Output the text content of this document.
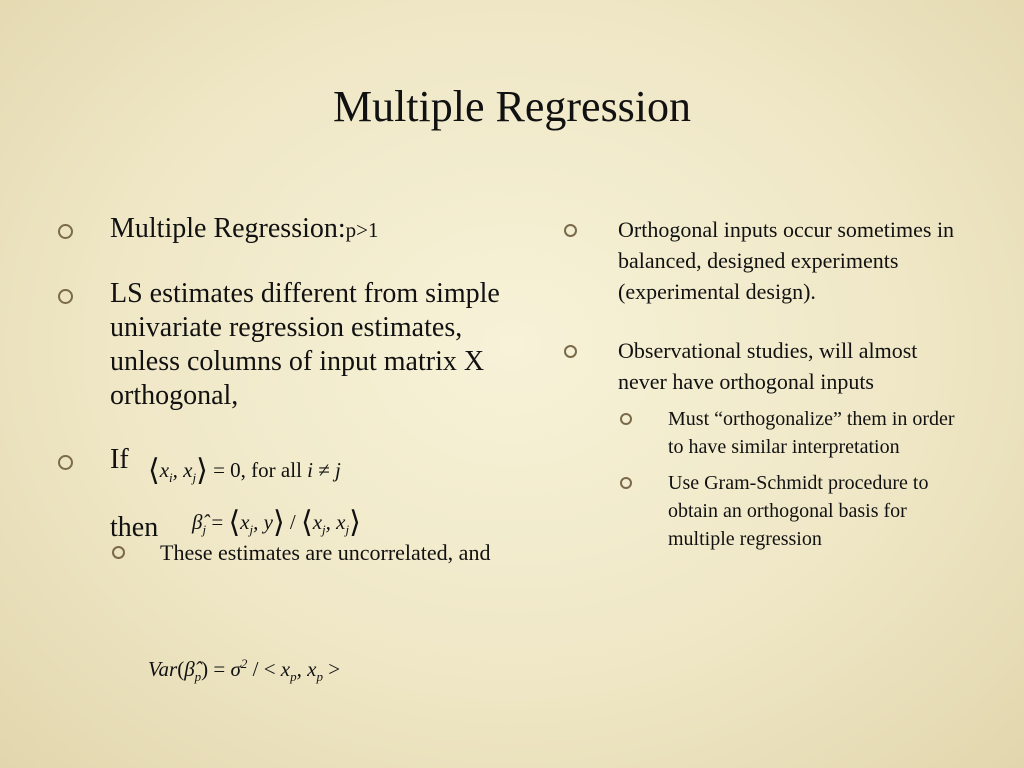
Multiple Regression
Multiple Regression:p>1
LS estimates different from simple univariate regression estimates, unless columns of input matrix X orthogonal,
If
then
These estimates are uncorrelated, and
$⟨x_i$, $x_j⟩ = 0$, for all i ≠ j
$\betâ_j$ = $⟨x_j$, y⟩ / $⟨x_j$, $x_j⟩$
$Var(\betâ_p) = \sigma^2$ / < $x_p$, $x_p$ >
Orthogonal inputs occur sometimes in balanced, designed experiments (experimental design).
Observational studies, will almost never have orthogonal inputs
Must “orthogonalize” them in order to have similar interpretation
Use Gram-Schmidt procedure to obtain an orthogonal basis for multiple regression
